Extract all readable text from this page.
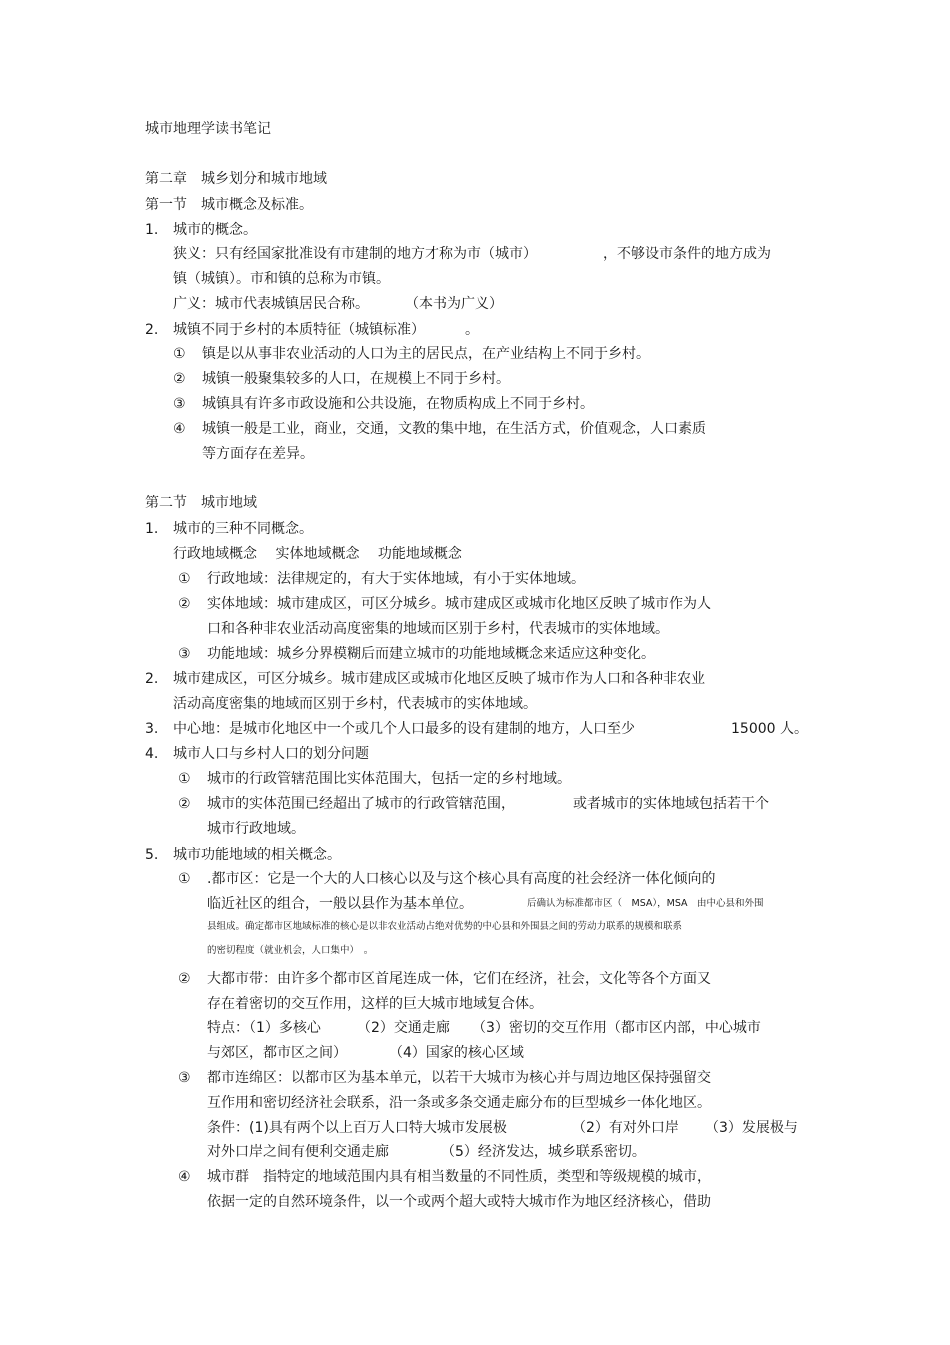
城市地理学读书笔记
第二章　城乡划分和城市地域
第一节　城市概念及标准。
1. 城市的概念。
狭义：只有经国家批准设有市建制的地方才称为市（城市）	，不够设市条件的地方成为
镇（城镇）。市和镇的总称为市镇。
广义：城市代表城镇居民合称。	（本书为广义）
2. 城镇不同于乡村的本质特征（城镇标准）	。
① 镇是以从事非农业活动的人口为主的居民点，在产业结构上不同于乡村。
② 城镇一般聚集较多的人口，在规模上不同于乡村。
③ 城镇具有许多市政设施和公共设施，在物质构成上不同于乡村。
④ 城镇一般是工业，商业，交通，文教的集中地，在生活方式，价值观念，人口素质
等方面存在差异。
第二节　城市地域
1. 城市的三种不同概念。
行政地域概念　 实体地域概念　 功能地域概念
① 行政地域：法律规定的，有大于实体地域，有小于实体地域。
② 实体地域：城市建成区，可区分城乡。城市建成区或城市化地区反映了城市作为人
口和各种非农业活动高度密集的地域而区别于乡村，代表城市的实体地域。
③ 功能地域：城乡分界模糊后而建立城市的功能地域概念来适应这种变化。
2. 城市建成区，可区分城乡。城市建成区或城市化地区反映了城市作为人口和各种非农业
活动高度密集的地域而区别于乡村，代表城市的实体地域。
3. 中心地：是城市化地区中一个或几个人口最多的设有建制的地方，人口至少	15000 人。
4. 城市人口与乡村人口的划分问题
① 城市的行政管辖范围比实体范围大，包括一定的乡村地域。
② 城市的实体范围已经超出了城市的行政管辖范围，	或者城市的实体地域包括若干个
城市行政地域。
5. 城市功能地域的相关概念。
① .都市区：它是一个大的人口核心以及与这个核心具有高度的社会经济一体化倾向的
临近社区的组合，一般以县作为基本单位。	后确认为标准都市区（　MSA），MSA　由中心县和外围
县组成。确定都市区地域标准的核心是以非农业活动占绝对优势的中心县和外围县之间的劳动力联系的规模和联系
的密切程度（就业机会，人口集中）　。
② 大都市带：由许多个都市区首尾连成一体，它们在经济，社会，文化等各个方面又
存在着密切的交互作用，这样的巨大城市地域复合体。
特点：（1）多核心	（2）交通走廊 （3）密切的交互作用（都市区内部，中心城市
与郊区，都市区之间）	（4）国家的核心区域
③ 都市连绵区：以都市区为基本单元，以若干大城市为核心并与周边地区保持强留交
互作用和密切经济社会联系，沿一条或多条交通走廊分布的巨型城乡一体化地区。
条件：(1)具有两个以上百万人口特大城市发展极	（2）有对外口岸 （3）发展极与
对外口岸之间有便利交通走廊	（5）经济发达，城乡联系密切。
④ 城市群　指特定的地域范围内具有相当数量的不同性质，类型和等级规模的城市，
依据一定的自然环境条件，以一个或两个超大或特大城市作为地区经济核心，借助
